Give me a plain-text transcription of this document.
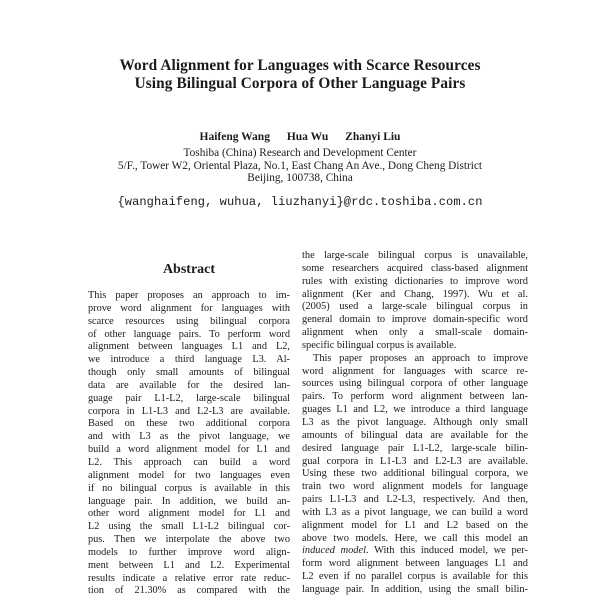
Word Alignment for Languages with Scarce Resources
Using Bilingual Corpora of Other Language Pairs
Haifeng Wang Hua Wu Zhanyi Liu
Toshiba (China) Research and Development Center
5/F., Tower W2, Oriental Plaza, No.1, East Chang An Ave., Dong Cheng District
Beijing, 100738, China
{wanghaifeng, wuhua, liuzhanyi}@rdc.toshiba.com.cn
Abstract
This paper proposes an approach to im-
prove word alignment for languages with
scarce resources using bilingual corpora
of other language pairs. To perform word
alignment between languages L1 and L2,
we introduce a third language L3. Al-
though only small amounts of bilingual
data are available for the desired lan-
guage pair L1-L2, large-scale bilingual
corpora in L1-L3 and L2-L3 are available.
Based on these two additional corpora
and with L3 as the pivot language, we
build a word alignment model for L1 and
L2. This approach can build a word
alignment model for two languages even
if no bilingual corpus is available in this
language pair. In addition, we build an-
other word alignment model for L1 and
L2 using the small L1-L2 bilingual cor-
pus. Then we interpolate the above two
models to further improve word align-
ment between L1 and L2. Experimental
results indicate a relative error rate reduc-
tion of 21.30% as compared with the
the large-scale bilingual corpus is unavailable,
some researchers acquired class-based alignment
rules with existing dictionaries to improve word
alignment (Ker and Chang, 1997). Wu et al.
(2005) used a large-scale bilingual corpus in
general domain to improve domain-specific word
alignment when only a small-scale domain-
specific bilingual corpus is available.
This paper proposes an approach to improve
word alignment for languages with scarce re-
sources using bilingual corpora of other language
pairs. To perform word alignment between lan-
guages L1 and L2, we introduce a third language
L3 as the pivot language. Although only small
amounts of bilingual data are available for the
desired language pair L1-L2, large-scale bilin-
gual corpora in L1-L3 and L2-L3 are available.
Using these two additional bilingual corpora, we
train two word alignment models for language
pairs L1-L3 and L2-L3, respectively. And then,
with L3 as a pivot language, we can build a word
alignment model for L1 and L2 based on the
above two models. Here, we call this model an
induced model. With this induced model, we per-
form word alignment between languages L1 and
L2 even if no parallel corpus is available for this
language pair. In addition, using the small bilin-
